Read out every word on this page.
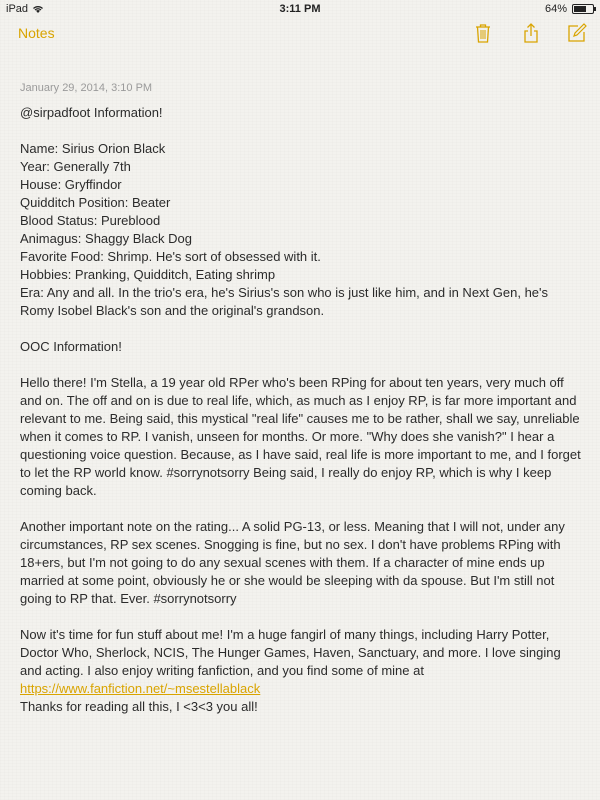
iPad	3:11 PM	64%
Notes
January 29, 2014, 3:10 PM
@sirpadfoot Information!
Name: Sirius Orion Black
Year: Generally 7th
House: Gryffindor
Quidditch Position: Beater
Blood Status: Pureblood
Animagus: Shaggy Black Dog
Favorite Food: Shrimp. He's sort of obsessed with it.
Hobbies: Pranking, Quidditch, Eating shrimp
Era: Any and all. In the trio's era, he's Sirius's son who is just like him, and in Next Gen, he's Romy Isobel Black's son and the original's grandson.
OOC Information!
Hello there! I'm Stella, a 19 year old RPer who's been RPing for about ten years, very much off and on. The off and on is due to real life, which, as much as I enjoy RP, is far more important and relevant to me. Being said, this mystical "real life" causes me to be rather, shall we say, unreliable when it comes to RP. I vanish, unseen for months. Or more. "Why does she vanish?" I hear a questioning voice question. Because, as I have said, real life is more important to me, and I forget to let the RP world know. #sorrynotsorry Being said, I really do enjoy RP, which is why I keep coming back.
Another important note on the rating... A solid PG-13, or less. Meaning that I will not, under any circumstances, RP sex scenes. Snogging is fine, but no sex. I don't have problems RPing with 18+ers, but I'm not going to do any sexual scenes with them. If a character of mine ends up married at some point, obviously he or she would be sleeping with da spouse. But I'm still not going to RP that. Ever. #sorrynotsorry
Now it's time for fun stuff about me! I'm a huge fangirl of many things, including Harry Potter, Doctor Who, Sherlock, NCIS, The Hunger Games, Haven, Sanctuary, and more. I love singing and acting. I also enjoy writing fanfiction, and you find some of mine at
https://www.fanfiction.net/~msestellablack
Thanks for reading all this, I <3<3 you all!
